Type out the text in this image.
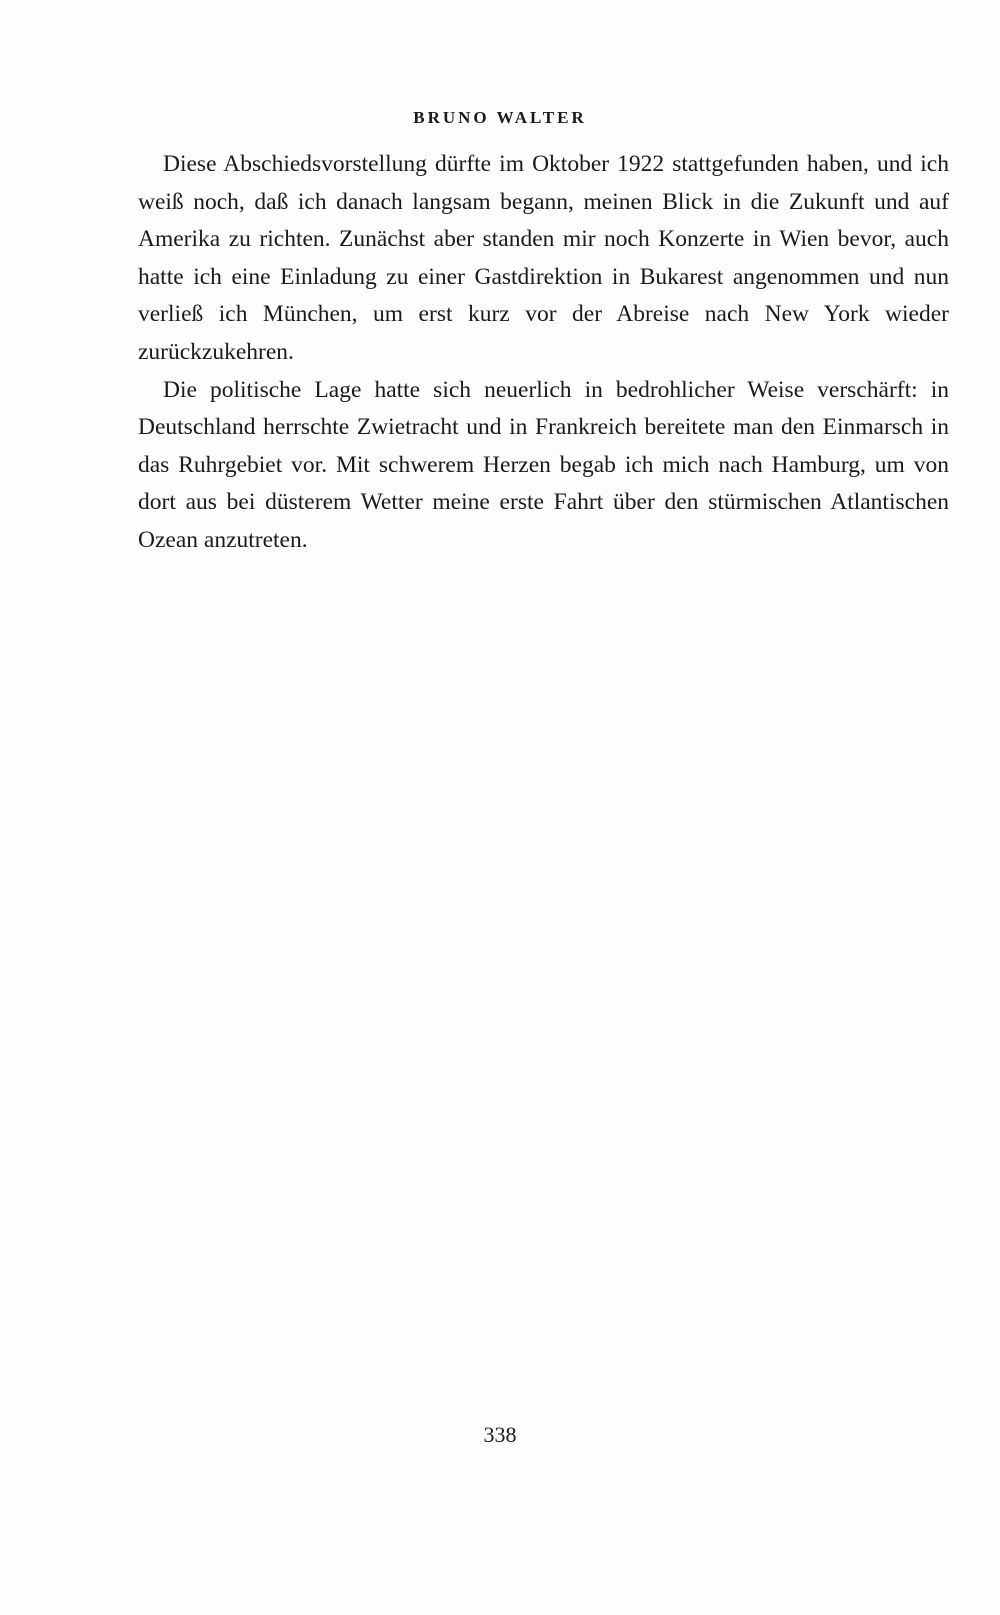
BRUNO WALTER

Diese Abschiedsvorstellung dürfte im Oktober 1922 stattgefunden haben, und ich weiß noch, daß ich danach langsam begann, meinen Blick in die Zukunft und auf Amerika zu richten. Zunächst aber standen mir noch Konzerte in Wien bevor, auch hatte ich eine Einladung zu einer Gastdirektion in Bukarest angenommen und nun verließ ich München, um erst kurz vor der Abreise nach New York wieder zurückzukehren.

Die politische Lage hatte sich neuerlich in bedrohlicher Weise verschärft: in Deutschland herrschte Zwietracht und in Frankreich bereitete man den Einmarsch in das Ruhrgebiet vor. Mit schwerem Herzen begab ich mich nach Hamburg, um von dort aus bei düsterem Wetter meine erste Fahrt über den stürmischen Atlantischen Ozean anzutreten.

338
